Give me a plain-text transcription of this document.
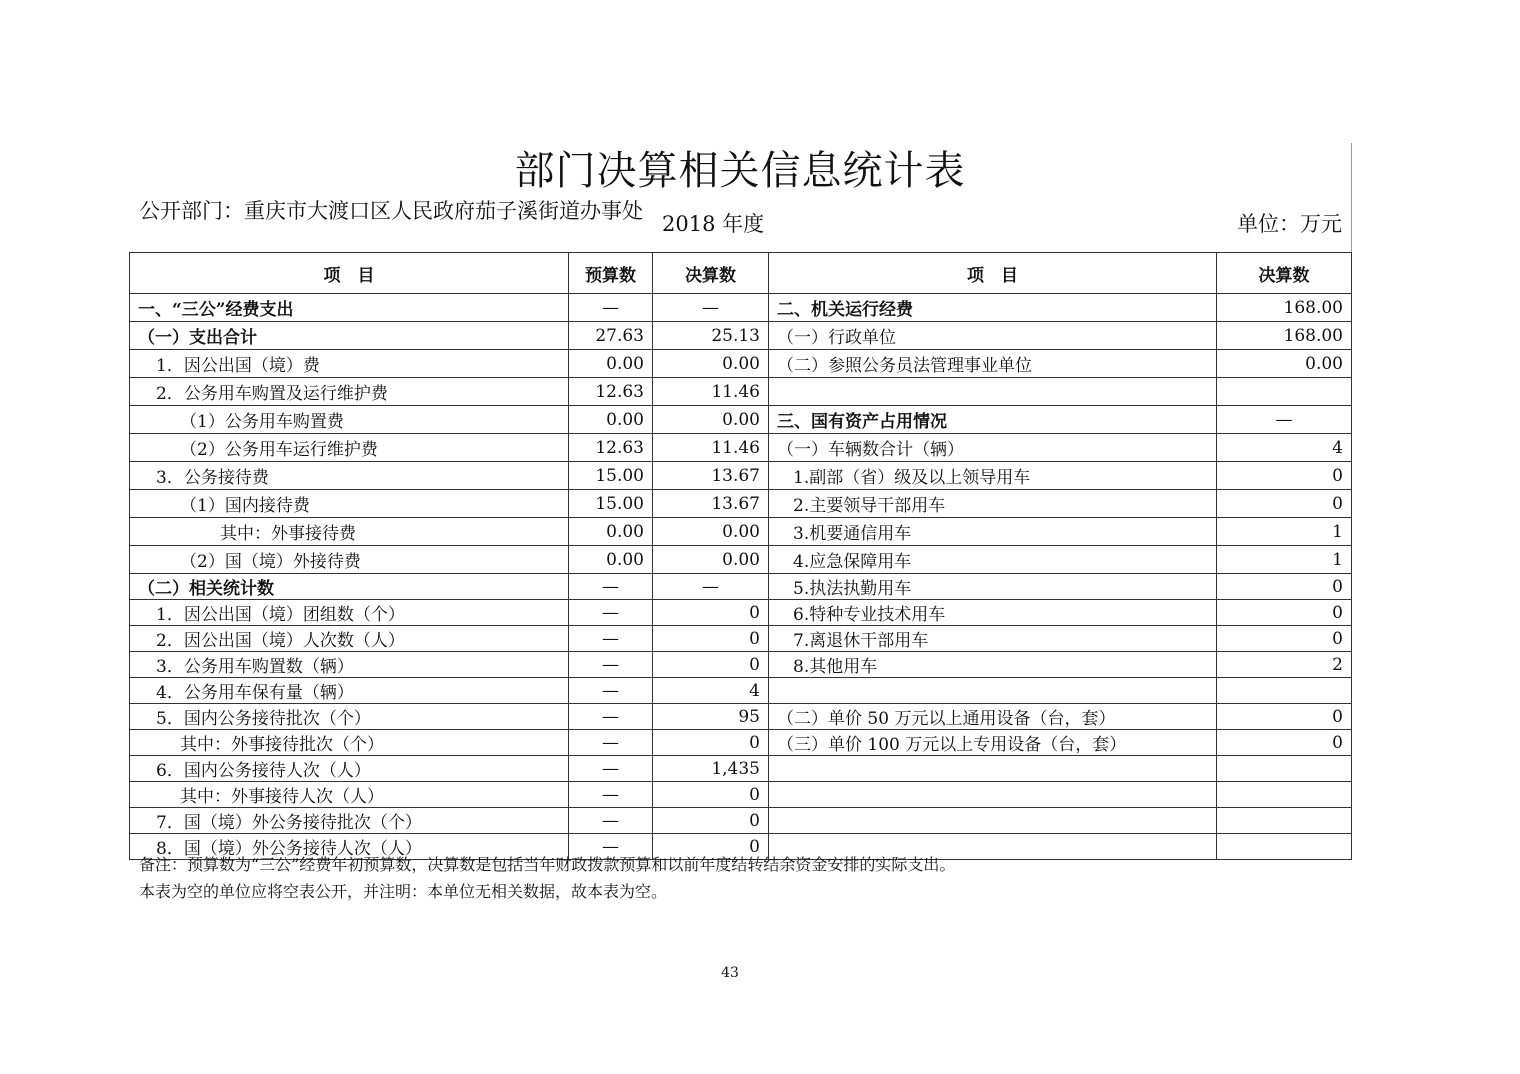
部门决算相关信息统计表
公开部门：重庆市大渡口区人民政府茄子溪街道办事处
2018 年度	单位：万元
项　目	预算数	决算数	项　目	决算数
一、“三公”经费支出	—	—	二、机关运行经费	168.00
（一）支出合计	27.63	25.13	（一）行政单位	168.00
1．因公出国（境）费	0.00	0.00	（二）参照公务员法管理事业单位	0.00
2．公务用车购置及运行维护费	12.63	11.46		
（1）公务用车购置费	0.00	0.00	三、国有资产占用情况	—
（2）公务用车运行维护费	12.63	11.46	（一）车辆数合计（辆）	4
3．公务接待费	15.00	13.67	1.副部（省）级及以上领导用车	0
（1）国内接待费	15.00	13.67	2.主要领导干部用车	0
其中：外事接待费	0.00	0.00	3.机要通信用车	1
（2）国（境）外接待费	0.00	0.00	4.应急保障用车	1
（二）相关统计数	—	—	5.执法执勤用车	0
1．因公出国（境）团组数（个）	—	0	6.特种专业技术用车	0
2．因公出国（境）人次数（人）	—	0	7.离退休干部用车	0
3．公务用车购置数（辆）	—	0	8.其他用车	2
4．公务用车保有量（辆）	—	4		
5．国内公务接待批次（个）	—	95	（二）单价 50 万元以上通用设备（台，套）	0
其中：外事接待批次（个）	—	0	（三）单价 100 万元以上专用设备（台，套）	0
6．国内公务接待人次（人）	—	1,435		
其中：外事接待人次（人）	—	0		
7．国（境）外公务接待批次（个）	—	0		
8．国（境）外公务接待人次（人）	—	0		
备注：预算数为“三公”经费年初预算数，决算数是包括当年财政拨款预算和以前年度结转结余资金安排的实际支出。
本表为空的单位应将空表公开，并注明：本单位无相关数据，故本表为空。
43
